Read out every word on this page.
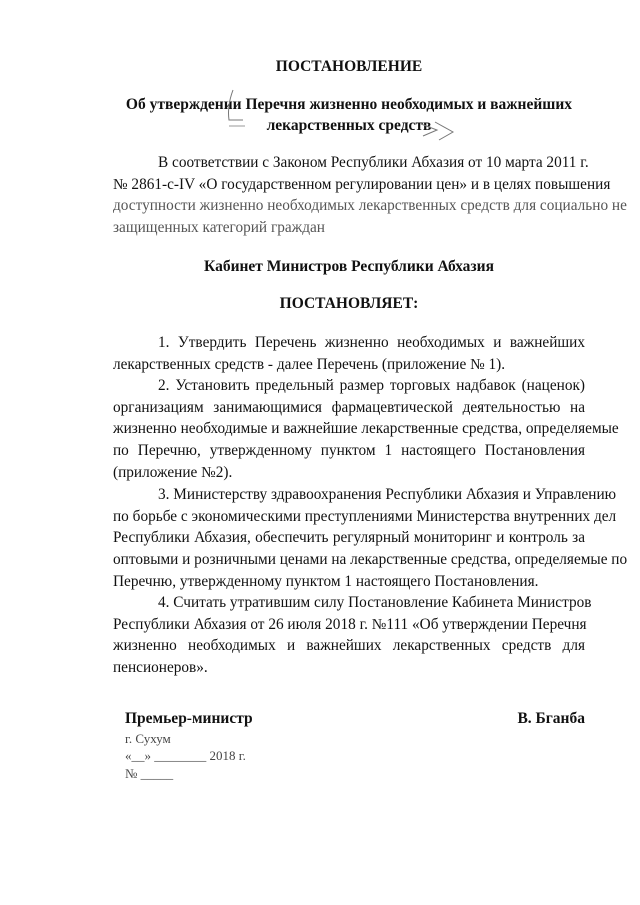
ПОСТАНОВЛЕНИЕ
Об утверждении Перечня жизненно необходимых и важнейших
лекарственных средств
В соответствии с Законом Республики Абхазия от 10 марта 2011 г.
№ 2861-с-IV «О государственном регулировании цен» и в целях повышения
доступности жизненно необходимых лекарственных средств для социально не
защищенных категорий граждан
Кабинет Министров Республики Абхазия
ПОСТАНОВЛЯЕТ:
1. Утвердить Перечень жизненно необходимых и важнейших
лекарственных средств - далее Перечень (приложение № 1).
2. Установить предельный размер торговых надбавок (наценок)
организациям занимающимися фармацевтической деятельностью на
жизненно необходимые и важнейшие лекарственные средства, определяемые
по Перечню, утвержденному пунктом 1 настоящего Постановления
(приложение №2).
3. Министерству здравоохранения Республики Абхазия и Управлению
по борьбе с экономическими преступлениями Министерства внутренних дел
Республики Абхазия, обеспечить регулярный мониторинг и контроль за
оптовыми и розничными ценами на лекарственные средства, определяемые по
Перечню, утвержденному пунктом 1 настоящего Постановления.
4. Считать утратившим силу Постановление Кабинета Министров
Республики Абхазия от 26 июля 2018 г. №111 «Об утверждении Перечня
жизненно необходимых и важнейших лекарственных средств для
пенсионеров».
Премьер-министр	В. Бганба
г. Сухум
«__» ________ 2018 г.
№ _____
